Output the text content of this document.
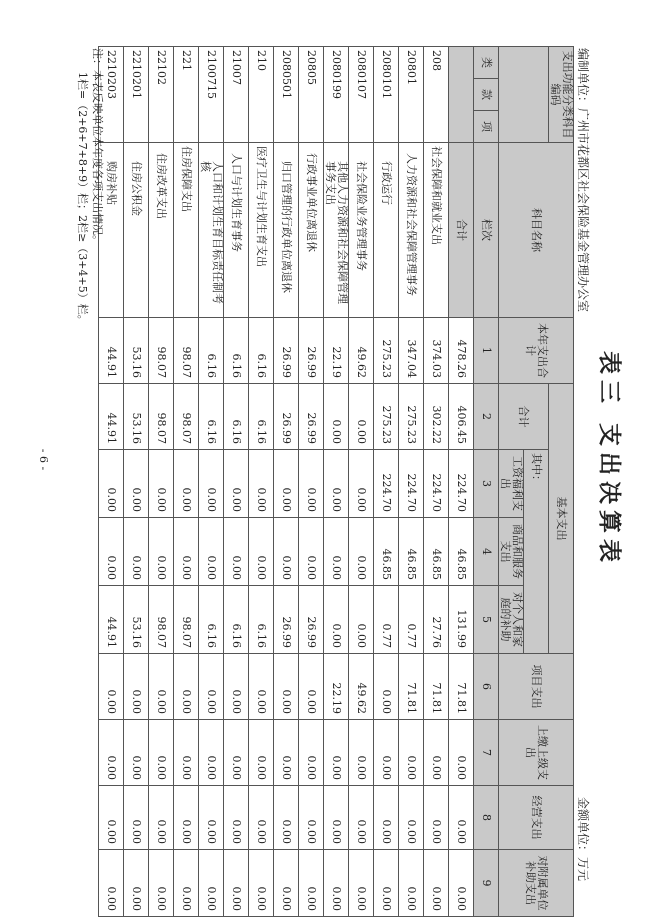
表三 支出决算表
编制单位：广州市花都区社会保险基金管理办公室
金额单位：万元
支出功能分类科目编码			科目名称	本年支出合计	基本支出				项目支出	上缴上级支出	经营支出	对附属单位补助支出
					合计	其中：						
						工资福利支出	商品和服务支出	对个人和家庭的补助				
类	款	项	栏次	1	2	3	4	5	6	7	8	9
			合计	478.26	406.45	224.70	46.85	131.99	71.81	0.00	0.00	0.00
208			社会保障和就业支出	374.03	302.22	224.70	46.85	27.76	71.81	0.00	0.00	0.00
20801			人力资源和社会保障管理事务	347.04	275.23	224.70	46.85	0.77	71.81	0.00	0.00	0.00
2080101			行政运行	275.23	275.23	224.70	46.85	0.77	0.00	0.00	0.00	0.00
2080107			社会保险业务管理事务	49.62	0.00	0.00	0.00	0.00	49.62	0.00	0.00	0.00
2080199			其他人力资源和社会保障管理事务支出	22.19	0.00	0.00	0.00	0.00	22.19	0.00	0.00	0.00
20805			行政事业单位离退休	26.99	26.99	0.00	0.00	26.99	0.00	0.00	0.00	0.00
2080501			归口管理的行政单位离退休	26.99	26.99	0.00	0.00	26.99	0.00	0.00	0.00	0.00
210			医疗卫生与计划生育支出	6.16	6.16	0.00	0.00	6.16	0.00	0.00	0.00	0.00
21007			人口与计划生育事务	6.16	6.16	0.00	0.00	6.16	0.00	0.00	0.00	0.00
2100715			人口和计划生育目标责任制考核	6.16	6.16	0.00	0.00	6.16	0.00	0.00	0.00	0.00
221			住房保障支出	98.07	98.07	0.00	0.00	98.07	0.00	0.00	0.00	0.00
22102			住房改革支出	98.07	98.07	0.00	0.00	98.07	0.00	0.00	0.00	0.00
2210201			住房公积金	53.16	53.16	0.00	0.00	53.16	0.00	0.00	0.00	0.00
2210203			购房补贴	44.91	44.91	0.00	0.00	44.91	0.00	0.00	0.00	0.00
注：本表反映单位本年度各项支出情况。
1栏=（2+6+7+8+9）栏；2栏≥（3+4+5）栏。
- 6 -
